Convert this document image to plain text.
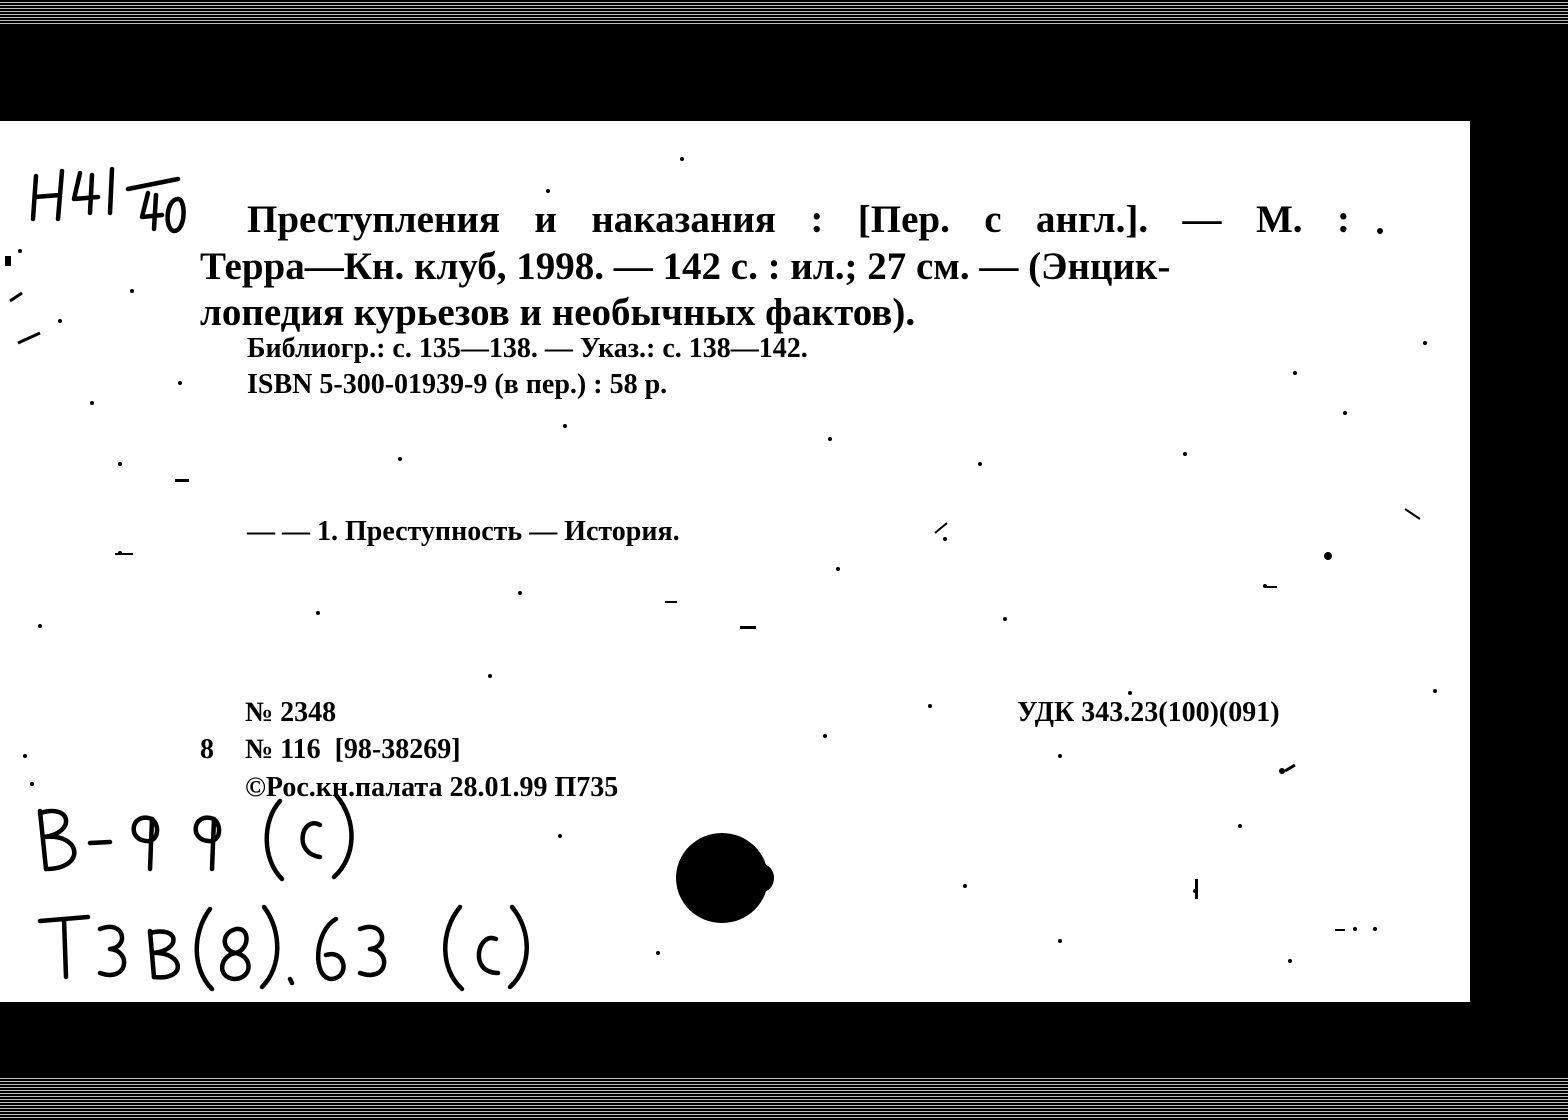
Преступления и наказания : [Пер. с англ.]. — М. :
Терра—Кн. клуб, 1998. — 142 с. : ил.; 27 см. — (Энцик-
лопедия курьезов и необычных фактов).
Библиогр.: с. 135—138. — Указ.: с. 138—142.
ISBN 5-300-01939-9 (в пер.) : 58 р.
— — 1. Преступность — История.
№ 2348
8 № 116  [98-38269]
©Рос.кн.палата 28.01.99 П735
УДК 343.23(100)(091)
